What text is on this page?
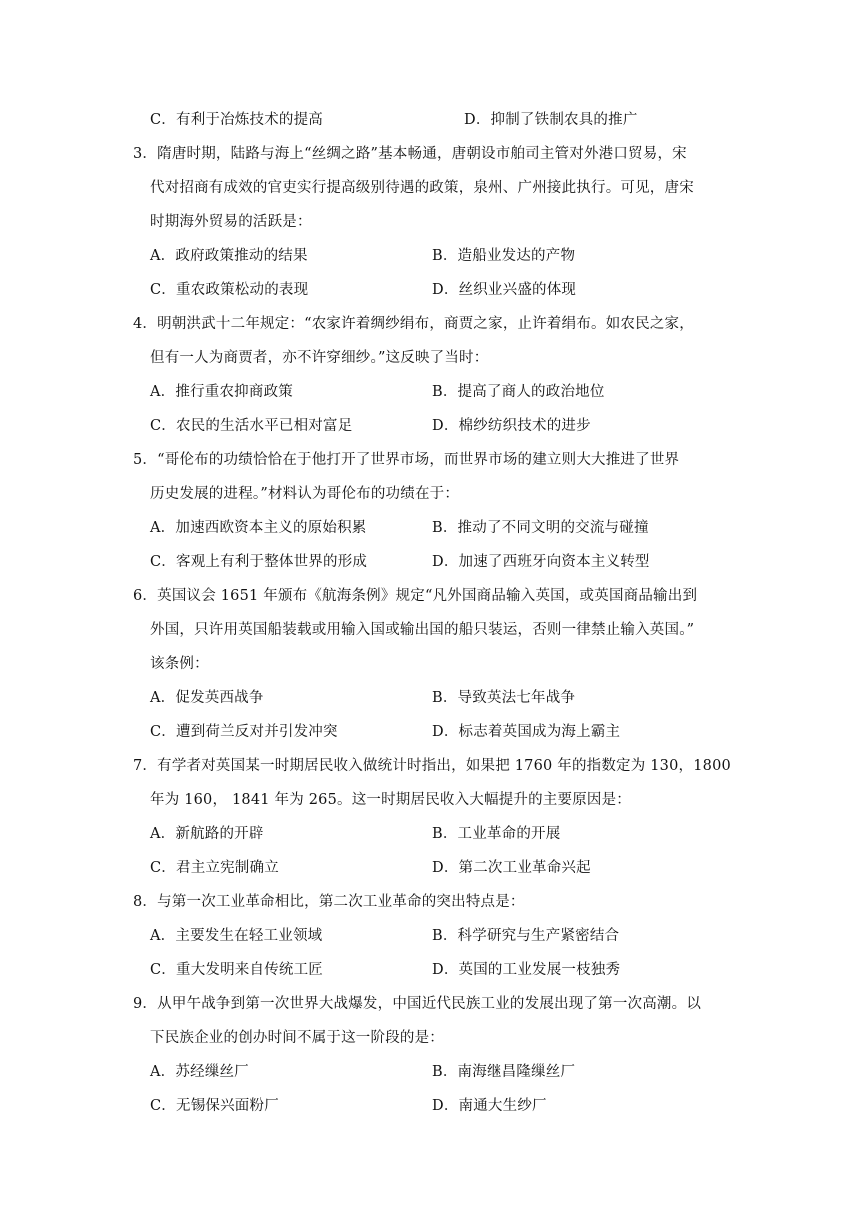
C．有利于冶炼技术的提高	D．抑制了铁制农具的推广
3．隋唐时期，陆路与海上“丝绸之路”基本畅通，唐朝设市舶司主管对外港口贸易，宋
代对招商有成效的官吏实行提高级别待遇的政策，泉州、广州接此执行。可见，唐宋
时期海外贸易的活跃是：
A．政府政策推动的结果	B．造船业发达的产物
C．重农政策松动的表现	D．丝织业兴盛的体现
4．明朝洪武十二年规定：“农家许着绸纱绢布，商贾之家，止许着绢布。如农民之家，
但有一人为商贾者，亦不许穿细纱。”这反映了当时：
A．推行重农抑商政策	B．提高了商人的政治地位
C．农民的生活水平已相对富足	D．棉纱纺织技术的进步
5．“哥伦布的功绩恰恰在于他打开了世界市场，而世界市场的建立则大大推进了世界
历史发展的进程。”材料认为哥伦布的功绩在于：
A．加速西欧资本主义的原始积累	B．推动了不同文明的交流与碰撞
C．客观上有利于整体世界的形成	D．加速了西班牙向资本主义转型
6．英国议会 1651 年颁布《航海条例》规定“凡外国商品输入英国，或英国商品输出到
外国，只许用英国船装载或用输入国或输出国的船只装运，否则一律禁止输入英国。”
该条例：
A．促发英西战争	B．导致英法七年战争
C．遭到荷兰反对并引发冲突	D．标志着英国成为海上霸主
7．有学者对英国某一时期居民收入做统计时指出，如果把 1760 年的指数定为 130，1800
年为 160， 1841 年为 265。这一时期居民收入大幅提升的主要原因是：
A．新航路的开辟	B．工业革命的开展
C．君主立宪制确立	D．第二次工业革命兴起
8．与第一次工业革命相比，第二次工业革命的突出特点是：
A．主要发生在轻工业领域	B．科学研究与生产紧密结合
C．重大发明来自传统工匠	D．英国的工业发展一枝独秀
9．从甲午战争到第一次世界大战爆发，中国近代民族工业的发展出现了第一次高潮。以
下民族企业的创办时间不属于这一阶段的是：
A．苏经缫丝厂	B．南海继昌隆缫丝厂
C．无锡保兴面粉厂	D．南通大生纱厂
